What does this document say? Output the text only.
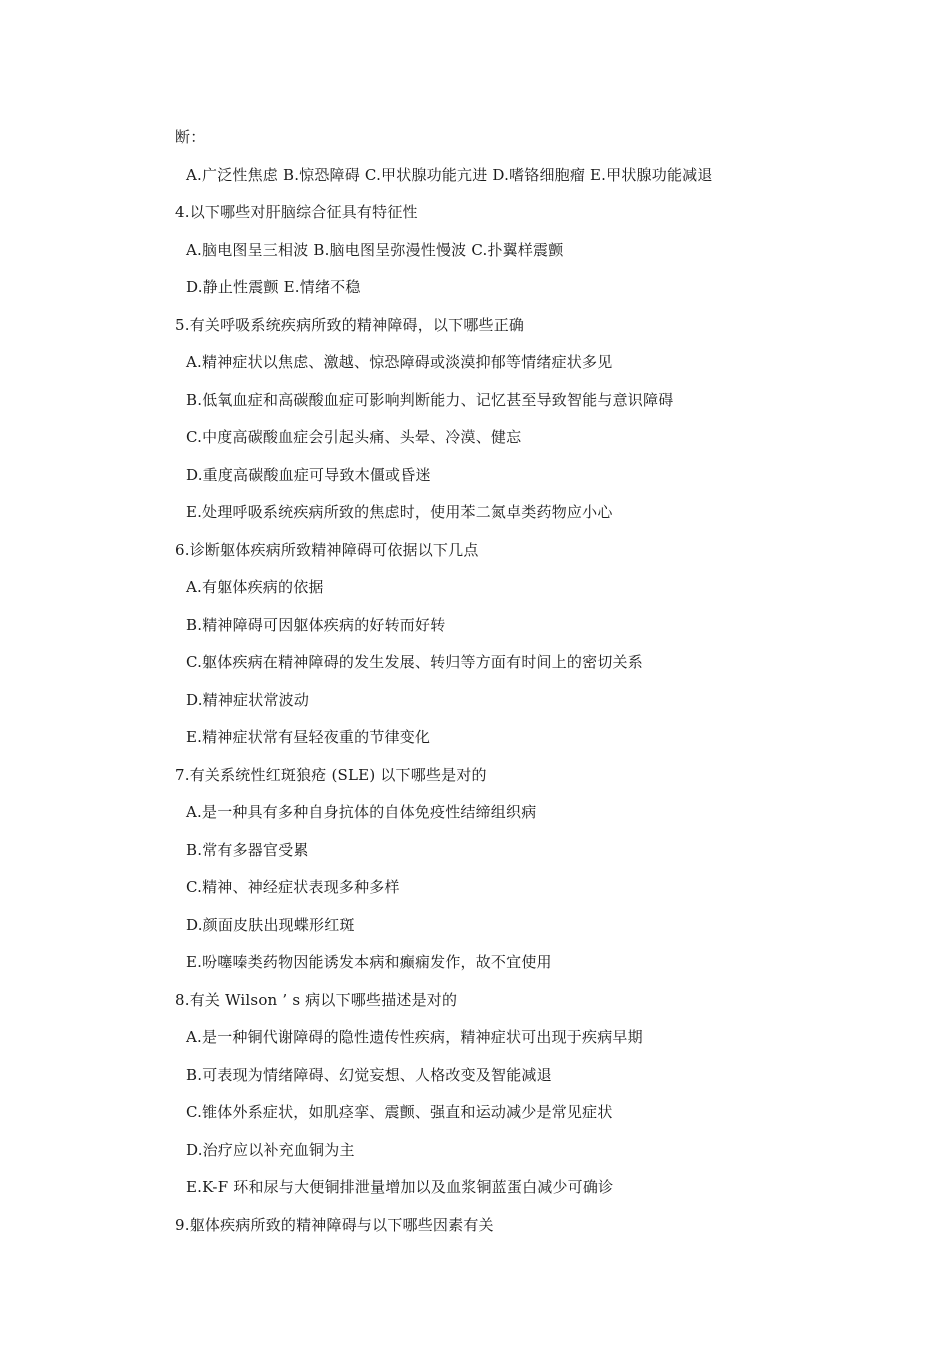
断：
A.广泛性焦虑 B.惊恐障碍 C.甲状腺功能亢进 D.嗜铬细胞瘤 E.甲状腺功能减退
4.以下哪些对肝脑综合征具有特征性
A.脑电图呈三相波 B.脑电图呈弥漫性慢波 C.扑翼样震颤
D.静止性震颤 E.情绪不稳
5.有关呼吸系统疾病所致的精神障碍，以下哪些正确
A.精神症状以焦虑、激越、惊恐障碍或淡漠抑郁等情绪症状多见
B.低氧血症和高碳酸血症可影响判断能力、记忆甚至导致智能与意识障碍
C.中度高碳酸血症会引起头痛、头晕、冷漠、健忘
D.重度高碳酸血症可导致木僵或昏迷
E.处理呼吸系统疾病所致的焦虑时，使用苯二氮卓类药物应小心
6.诊断躯体疾病所致精神障碍可依据以下几点
A.有躯体疾病的依据
B.精神障碍可因躯体疾病的好转而好转
C.躯体疾病在精神障碍的发生发展、转归等方面有时间上的密切关系
D.精神症状常波动
E.精神症状常有昼轻夜重的节律变化
7.有关系统性红斑狼疮 (SLE) 以下哪些是对的
A.是一种具有多种自身抗体的自体免疫性结缔组织病
B.常有多器官受累
C.精神、神经症状表现多种多样
D.颜面皮肤出现蝶形红斑
E.吩噻嗪类药物因能诱发本病和癫痫发作，故不宜使用
8.有关 Wilson ’ s 病以下哪些描述是对的
A.是一种铜代谢障碍的隐性遗传性疾病，精神症状可出现于疾病早期
B.可表现为情绪障碍、幻觉妄想、人格改变及智能减退
C.锥体外系症状，如肌痉挛、震颤、强直和运动减少是常见症状
D.治疗应以补充血铜为主
E.K-F 环和尿与大便铜排泄量增加以及血浆铜蓝蛋白减少可确诊
9.躯体疾病所致的精神障碍与以下哪些因素有关
